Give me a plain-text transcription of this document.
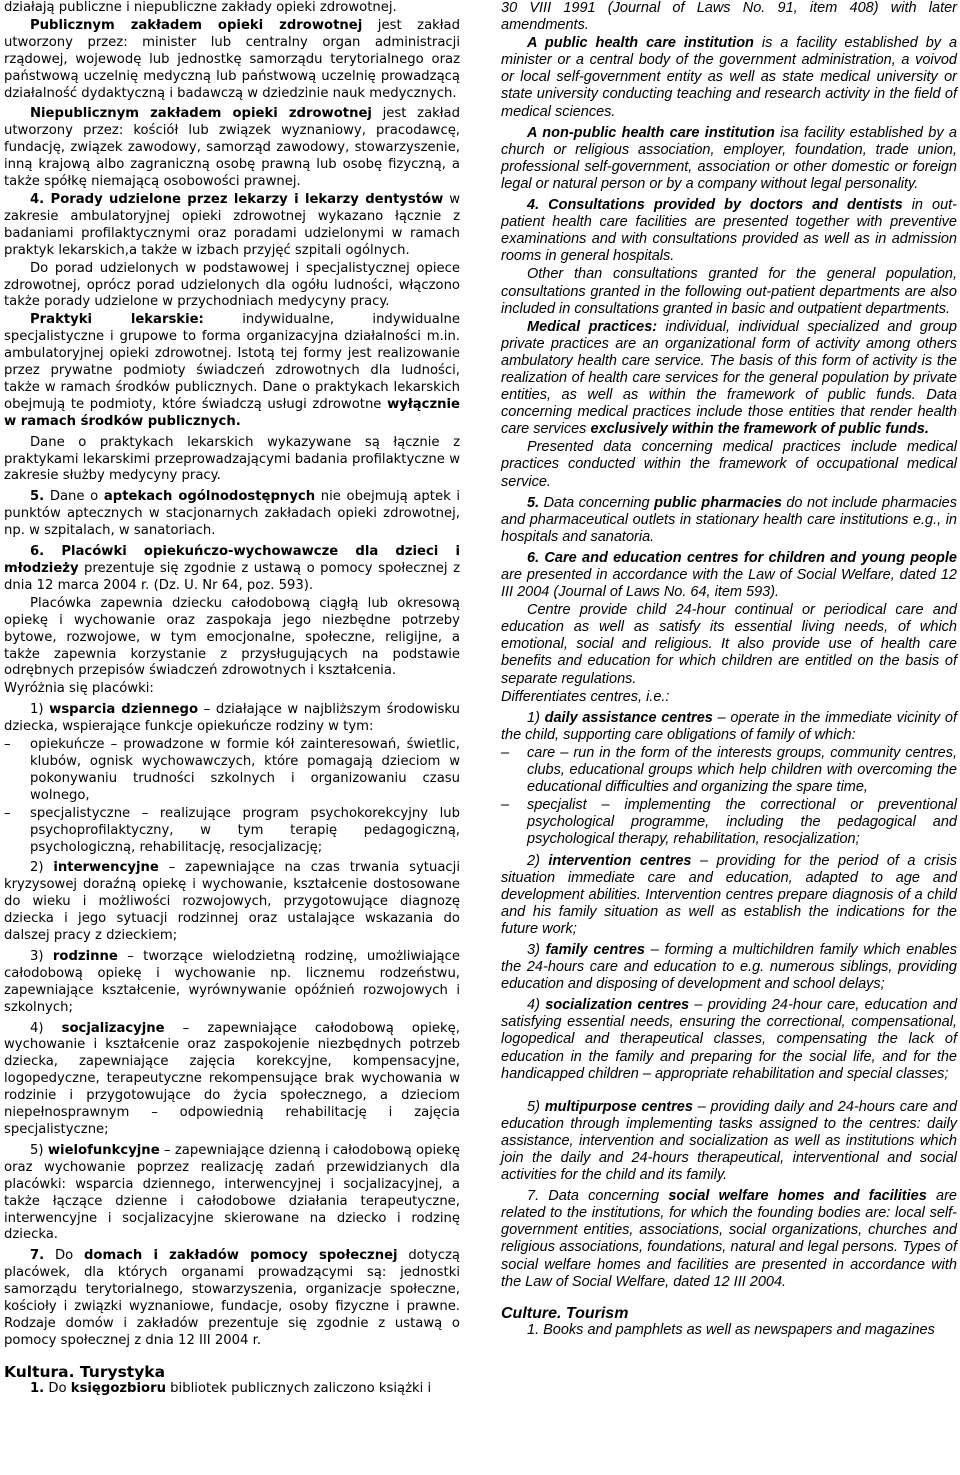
działają publiczne i niepubliczne zakłady opieki zdrowotnej.

Publicznym zakładem opieki zdrowotnej jest zakład utworzony przez: minister lub centralny organ administracji rządowej, wojewodę lub jednostkę samorządu terytorialnego oraz państwową uczelnię medyczną lub państwową uczelnię prowadzącą działalność dydaktyczną i badawczą w dziedzinie nauk medycznych.

Niepublicznym zakładem opieki zdrowotnej jest zakład utworzony przez: kościół lub związek wyznaniowy, pracodawcę, fundację, związek zawodowy, samorząd zawodowy, stowarzyszenie, inną krajową albo zagraniczną osobę prawną lub osobę fizyczną, a także spółkę niemającą osobowości prawnej.

4. Porady udzielone przez lekarzy i lekarzy dentystów w zakresie ambulatoryjnej opieki zdrowotnej wykazano łącznie z badaniami profilaktycznymi oraz poradami udzielonymi w ramach praktyk lekarskich,a także w izbach przyjęć szpitali ogólnych.

Do porad udzielonych w podstawowej i specjalistycznej opiece zdrowotnej, oprócz porad udzielonych dla ogółu ludności, włączono także porady udzielone w przychodniach medycyny pracy.

Praktyki lekarskie: indywidualne, indywidualne specjalistyczne i grupowe to forma organizacyjna działalności m.in. ambulatoryjnej opieki zdrowotnej. Istotą tej formy jest realizowanie przez prywatne podmioty świadczeń zdrowotnych dla ludności, także w ramach środków publicznych. Dane o praktykach lekarskich obejmują te podmioty, które świadczą usługi zdrowotne wyłącznie w ramach środków publicznych.

Dane o praktykach lekarskich wykazywane są łącznie z praktykami lekarskimi przeprowadzającymi badania profilaktyczne w zakresie służby medycyny pracy.

5. Dane o aptekach ogólnodostępnych nie obejmują aptek i punktów aptecznych w stacjonarnych zakładach opieki zdrowotnej, np. w szpitalach, w sanatoriach.

6. Placówki opiekuńczo-wychowawcze dla dzieci i młodzieży prezentuje się zgodnie z ustawą o pomocy społecznej z dnia 12 marca 2004 r. (Dz. U. Nr 64, poz. 593).

Placówka zapewnia dziecku całodobową ciągłą lub okresową opiekę i wychowanie oraz zaspokaja jego niezbędne potrzeby bytowe, rozwojowe, w tym emocjonalne, społeczne, religijne, a także zapewnia korzystanie z przysługujących na podstawie odrębnych przepisów świadczeń zdrowotnych i kształcenia.

Wyróżnia się placówki:

1) wsparcia dziennego – działające w najbliższym środowisku dziecka, wspierające funkcje opiekuńcze rodziny w tym:

– opiekuńcze – prowadzone w formie kół zainteresowań, świetlic, klubów, ognisk wychowawczych, które pomagają dzieciom w pokonywaniu trudności szkolnych i organizowaniu czasu wolnego,

– specjalistyczne – realizujące program psychokorekcyjny lub psychoprofilaktyczny, w tym terapię pedagogiczną, psychologiczną, rehabilitację, resocjalizację;

2) interwencyjne – zapewniające na czas trwania sytuacji kryzysowej doraźną opiekę i wychowanie, kształcenie dostosowane do wieku i możliwości rozwojowych, przygotowujące diagnozę dziecka i jego sytuacji rodzinnej oraz ustalające wskazania do dalszej pracy z dzieckiem;

3) rodzinne – tworzące wielodzietną rodzinę, umożliwiające całodobową opiekę i wychowanie np. licznemu rodzeństwu, zapewniające kształcenie, wyrównywanie opóźnień rozwojowych i szkolnych;

4) socjalizacyjne – zapewniające całodobową opiekę, wychowanie i kształcenie oraz zaspokojenie niezbędnych potrzeb dziecka, zapewniające zajęcia korekcyjne, kompensacyjne, logopedyczne, terapeutyczne rekompensujące brak wychowania w rodzinie i przygotowujące do życia społecznego, a dzieciom niepełnosprawnym – odpowiednią rehabilitację i zajęcia specjalistyczne;

5) wielofunkcyjne – zapewniające dzienną i całodobową opiekę oraz wychowanie poprzez realizację zadań przewidzianych dla placówki: wsparcia dziennego, interwencyjnej i socjalizacyjnej, a także łączące dzienne i całodobowe działania terapeutyczne, interwencyjne i socjalizacyjne skierowane na dziecko i rodzinę dziecka.

7. Do domach i zakładów pomocy społecznej dotyczą placówek, dla których organami prowadzącymi są: jednostki samorządu terytorialnego, stowarzyszenia, organizacje społeczne, kościoły i związki wyznaniowe, fundacje, osoby fizyczne i prawne. Rodzaje domów i zakładów prezentuje się zgodnie z ustawą o pomocy społecznej z dnia 12 III 2004 r.

Kultura. Turystyka

1. Do księgozbioru bibliotek publicznych zaliczono książki i

30 VIII 1991 (Journal of Laws No. 91, item 408) with later amendments.

A public health care institution is a facility established by a minister or a central body of the government administration, a voivod or local self-government entity as well as state medical university or state university conducting teaching and research activity in the field of medical sciences.

A non-public health care institution isa facility established by a church or religious association, employer, foundation, trade union, professional self-government, association or other domestic or foreign legal or natural person or by a company without legal personality.

4. Consultations provided by doctors and dentists in out-patient health care facilities are presented together with preventive examinations and with consultations provided as well as in admission rooms in general hospitals.

Other than consultations granted for the general population, consultations granted in the following out-patient departments are also included in consultations granted in basic and outpatient departments.

Medical practices: individual, individual specialized and group private practices are an organizational form of activity among others ambulatory health care service. The basis of this form of activity is the realization of health care services for the general population by private entities, as well as within the framework of public funds. Data concerning medical practices include those entities that render health care services exclusively within the framework of public funds.

Presented data concerning medical practices include medical practices conducted within the framework of occupational medical service.

5. Data concerning public pharmacies do not include pharmacies and pharmaceutical outlets in stationary health care institutions e.g., in hospitals and sanatoria.

6. Care and education centres for children and young people are presented in accordance with the Law of Social Welfare, dated 12 III 2004 (Journal of Laws No. 64, item 593).

Centre provide child 24-hour continual or periodical care and education as well as satisfy its essential living needs, of which emotional, social and religious. It also provide use of health care benefits and education for which children are entitled on the basis of separate regulations.

Differentiates centres, i.e.:

1) daily assistance centres – operate in the immediate vicinity of the child, supporting care obligations of family of which:

– care – run in the form of the interests groups, community centres, clubs, educational groups which help children with overcoming the educational difficulties and organizing the spare time,

– specjalist – implementing the correctional or preventional psychological programme, including the pedagogical and psychological therapy, rehabilitation, resocjalization;

2) intervention centres – providing for the period of a crisis situation immediate care and education, adapted to age and development abilities. Intervention centres prepare diagnosis of a child and his family situation as well as establish the indications for the future work;

3) family centres – forming a multichildren family which enables the 24-hours care and education to e.g. numerous siblings, providing education and disposing of development and school delays;

4) socialization centres – providing 24-hour care, education and satisfying essential needs, ensuring the correctional, compensational, logopedical and therapeutical classes, compensating the lack of education in the family and preparing for the social life, and for the handicapped children – appropriate rehabilitation and special classes;

5) multipurpose centres – providing daily and 24-hours care and education through implementing tasks assigned to the centres: daily assistance, intervention and socialization as well as institutions which join the daily and 24-hours therapeutical, interventional and social activities for the child and its family.

7. Data concerning social welfare homes and facilities are related to the institutions, for which the founding bodies are: local self-government entities, associations, social organizations, churches and religious associations, foundations, natural and legal persons. Types of social welfare homes and facilities are presented in accordance with the Law of Social Welfare, dated 12 III 2004.

Culture. Tourism

1. Books and pamphlets as well as newspapers and magazines
